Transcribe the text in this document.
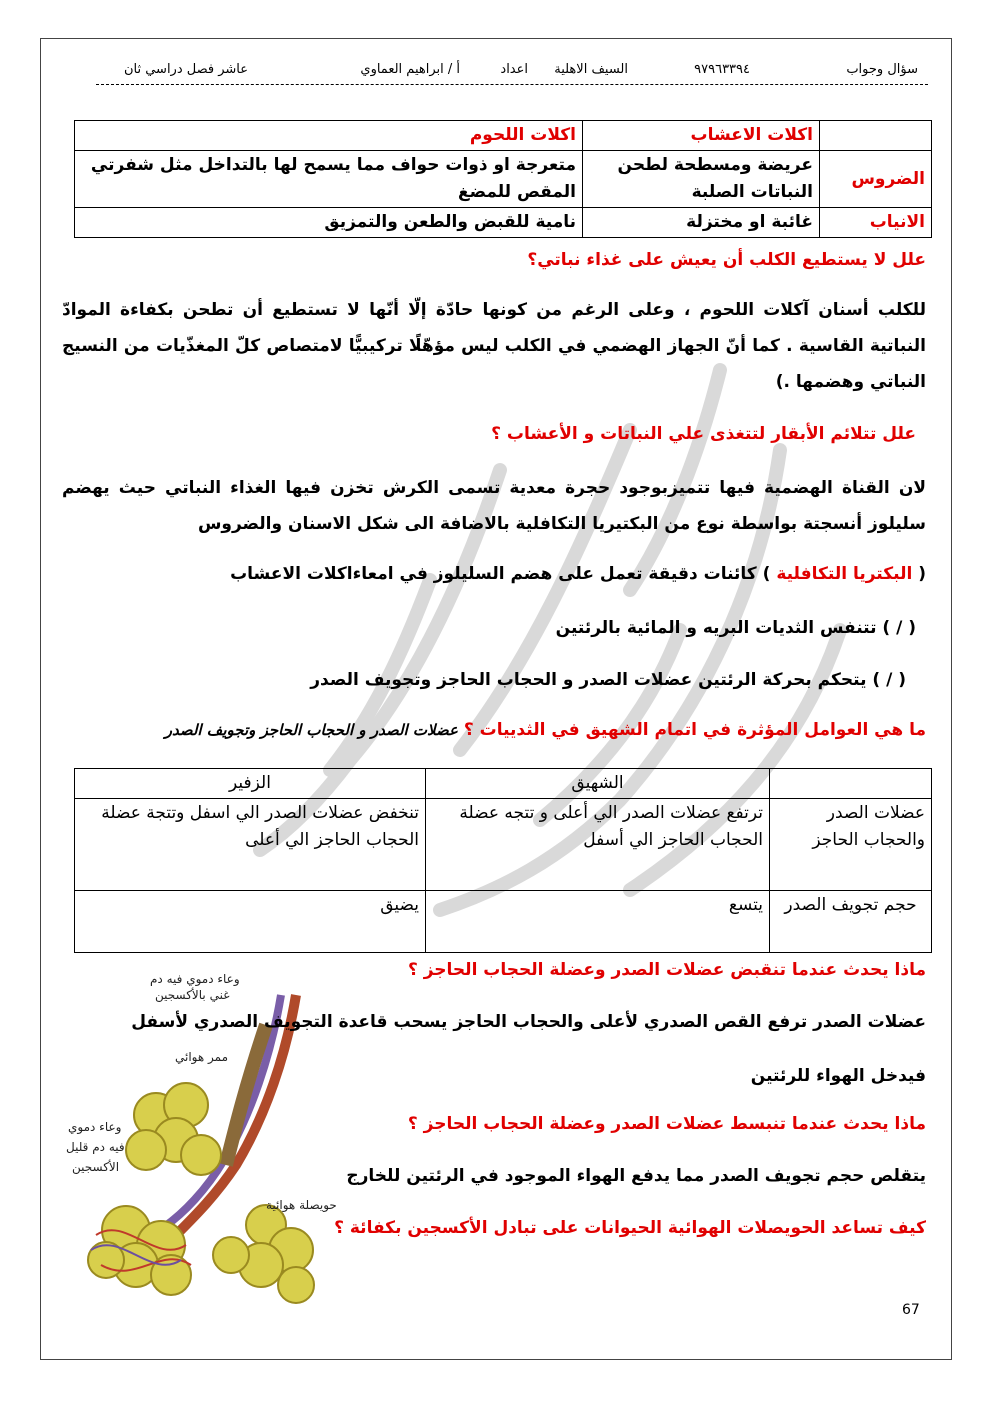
سؤال وجواب
٩٧٩٦٣٣٩٤
السيف الاهلية
اعداد
أ / ابراهيم العماوي
عاشر فصل دراسي ثان
	اكلات الاعشاب	اكلات اللحوم
الضروس	عريضة ومسطحة لطحن النباتات الصلبة	متعرجة او ذوات حواف مما يسمح لها بالتداخل مثل شفرتي المقص للمضغ
الانياب	غائبة او مختزلة	نامية للقبض والطعن والتمزيق
علل لا يستطيع الكلب أن يعيش على غذاء نباتي؟
للكلب أسنان آكلات اللحوم ، وعلى الرغم من كونها حادّة إلّا أنّها لا تستطيع أن تطحن بكفاءة الموادّ النباتية القاسية . كما أنّ الجهاز الهضمي في الكلب ليس مؤهّلًا تركيبيًّا لامتصاص كلّ المغذّيات من النسيج النباتي وهضمها .)
علل تتلائم الأبقار لتتغذى علي النباتات و الأعشاب ؟
لان القناة الهضمية فيها تتميزبوجود حجرة معدية تسمى الكرش تخزن فيها الغذاء النباتي حيث يهضم سليلوز أنسجتة بواسطة نوع من البكتيريا التكافلية بالاضافة الى شكل الاسنان والضروس
( البكتريا التكافلية ) كائنات دقيقة تعمل على هضم السليلوز في امعاءاكلات الاعشاب
( / ) تتنفس الثديات البريه و المائية بالرئتين
( / ) يتحكم بحركة الرئتين عضلات الصدر و الحجاب الحاجز وتجويف الصدر
ما هي العوامل المؤثرة في اتمام الشهيق في الثدييات ؟ عضلات الصدر و الحجاب الحاجز وتجويف الصدر
	الشهيق	الزفير
عضلات الصدر والحجاب الحاجز	ترتفع عضلات الصدر الي أعلى و تتجه عضلة الحجاب الحاجز الي أسفل	تنخفض عضلات الصدر الي اسفل وتتجة عضلة الحجاب الحاجز الي أعلى
حجم تجويف الصدر	يتسع	يضيق
وعاء دموي فيه دم
غني بالأكسجين
ممر هوائي
وعاء دموي
فيه دم قليل
الأكسجين
حويصلة هوائية
ماذا يحدث عندما تنقبض عضلات الصدر وعضلة الحجاب الحاجز ؟
عضلات الصدر ترفع القص الصدري لأعلى والحجاب الحاجز يسحب قاعدة التجويف الصدري لأسفل
فيدخل الهواء للرئتين
ماذا يحدث عندما تنبسط عضلات الصدر وعضلة الحجاب الحاجز ؟
يتقلص حجم تجويف الصدر مما يدفع الهواء الموجود في الرئتين للخارج
كيف تساعد الحويصلات الهوائية الحيوانات على تبادل الأكسجين بكفائة ؟
67
